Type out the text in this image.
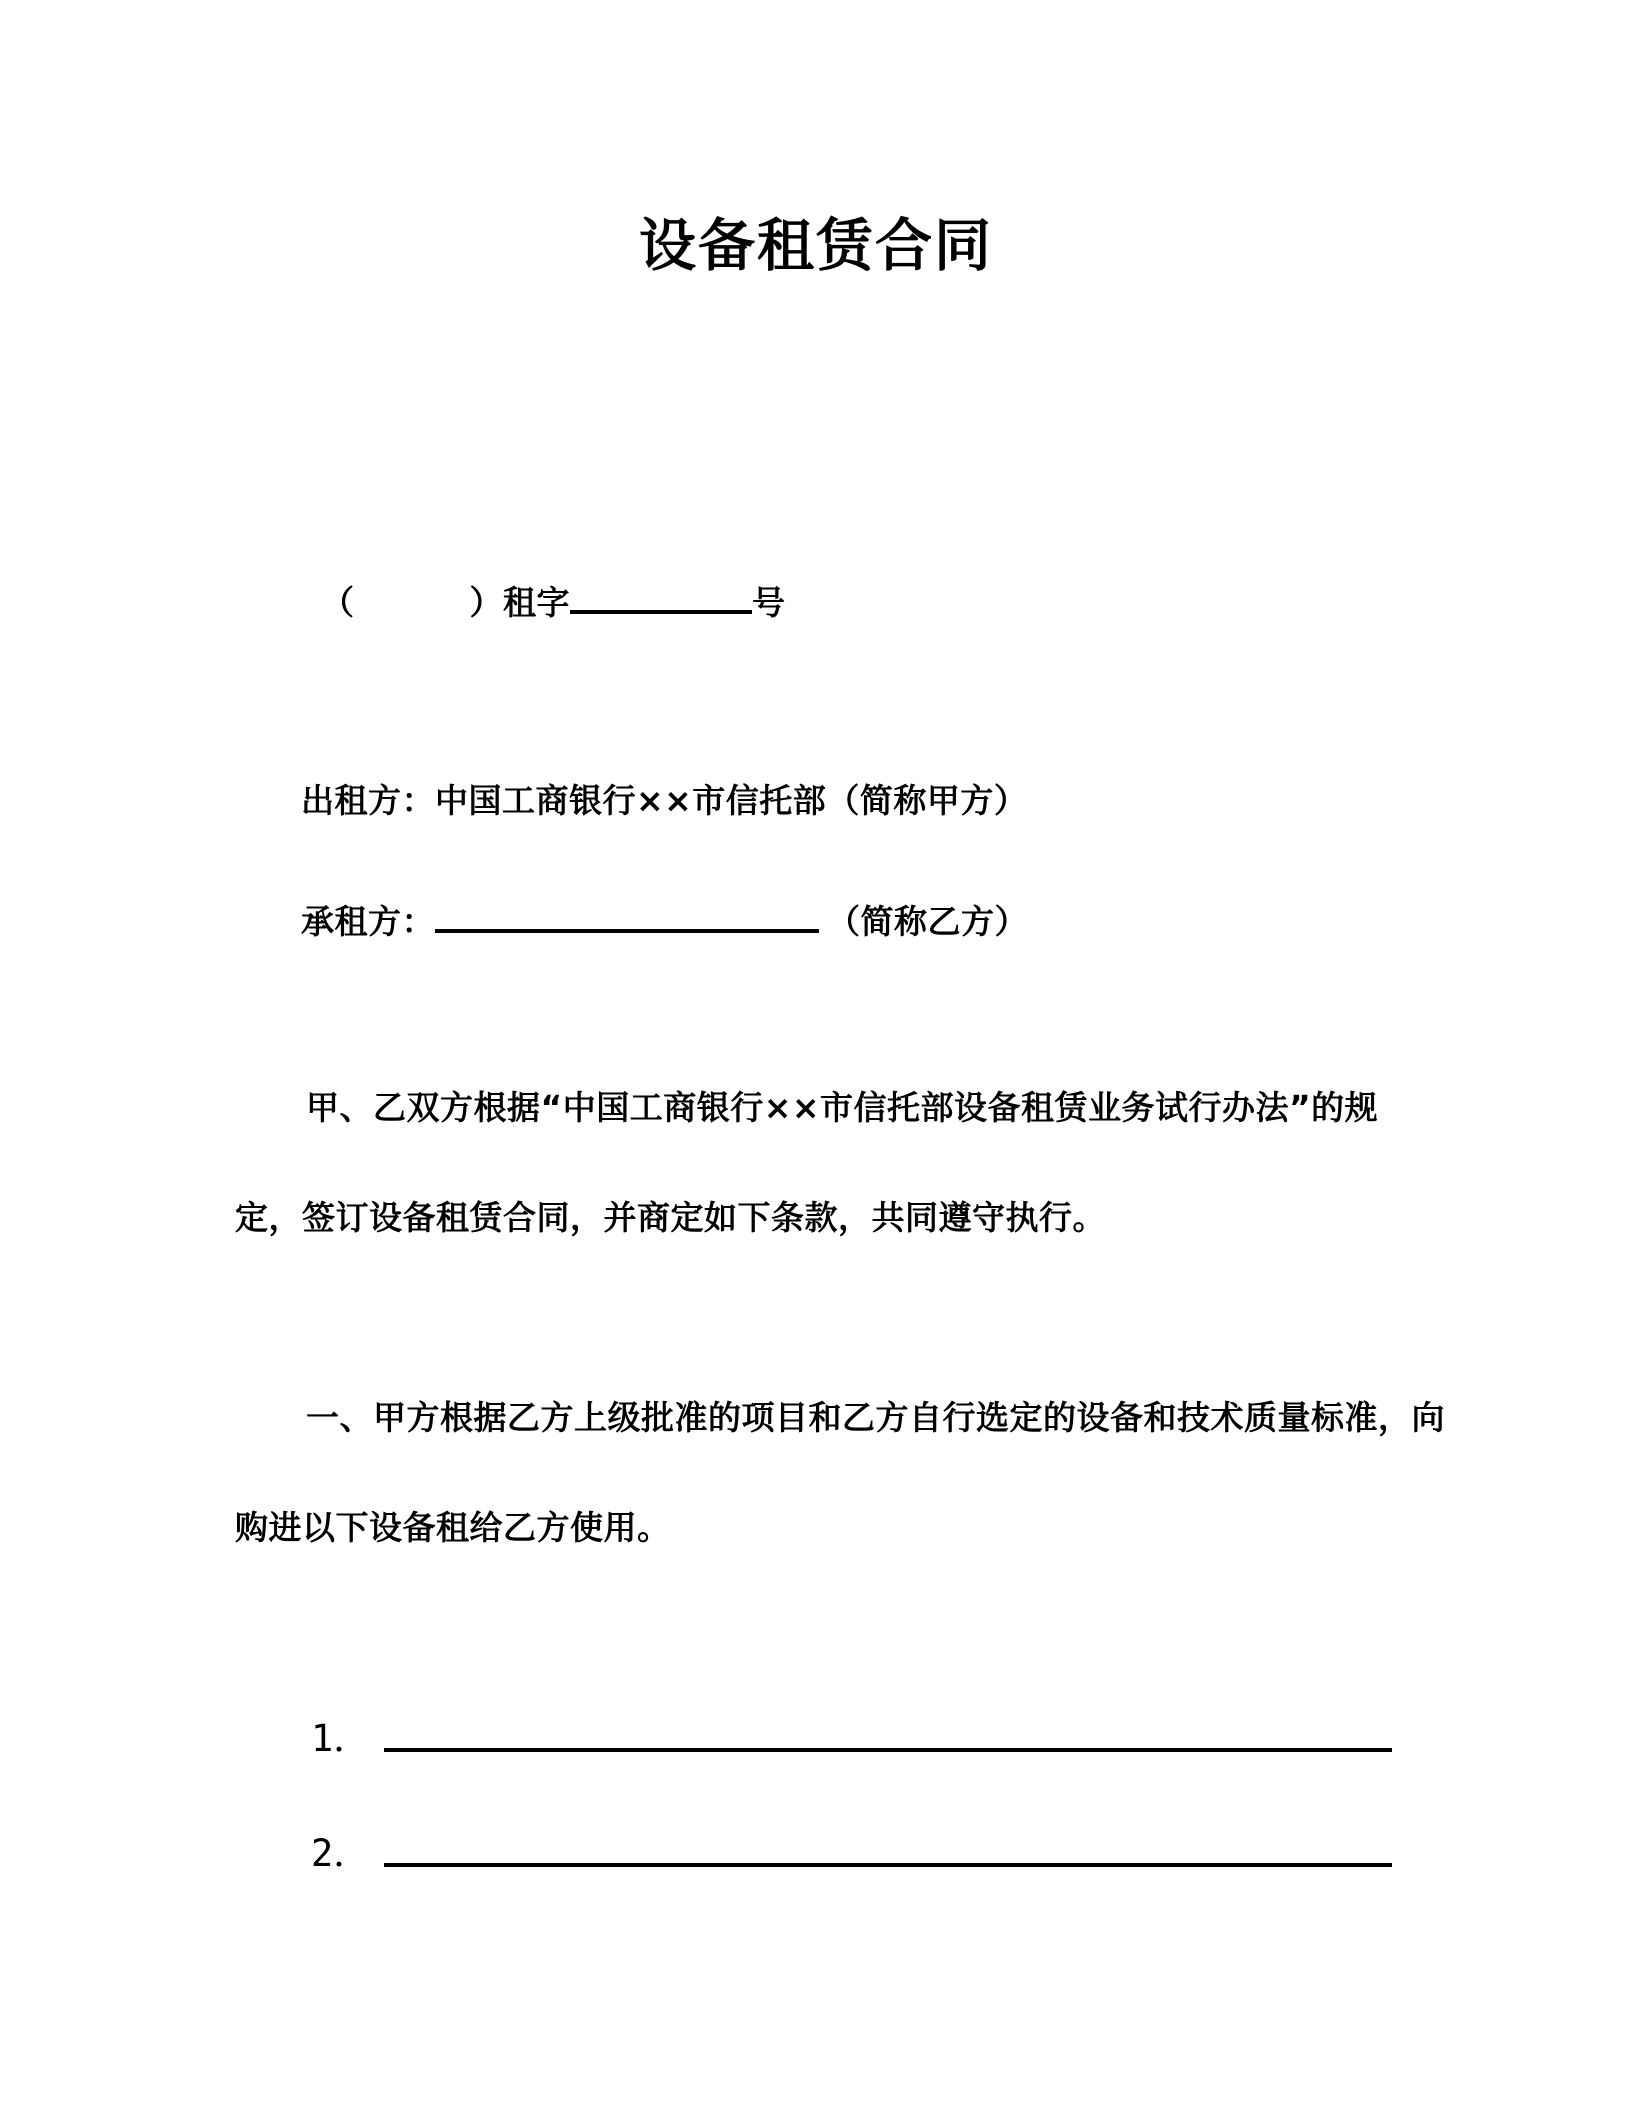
设备租赁合同
（	）租字	号
出租方：中国工商银行××市信托部（简称甲方）
承租方：	（简称乙方）
甲、乙双方根据“中国工商银行××市信托部设备租赁业务试行办法”的规
定，签订设备租赁合同，并商定如下条款，共同遵守执行。
一、甲方根据乙方上级批准的项目和乙方自行选定的设备和技术质量标准，向
购进以下设备租给乙方使用。
1．
2．
